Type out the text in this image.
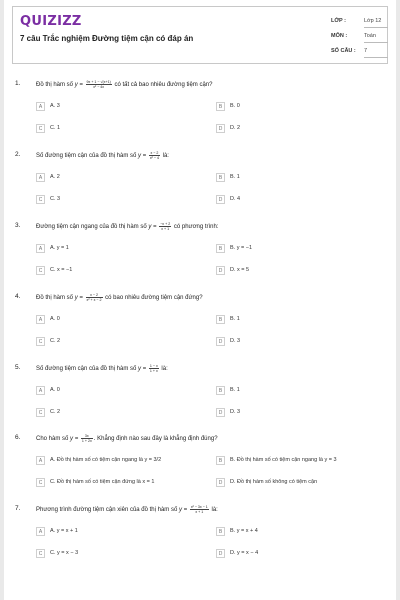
QUIZIZZ
7 câu Trắc nghiệm Đường tiệm cận có đáp án
LỚP :	Lớp 12
MÔN :	Toán
SỐ CÂU : 7
1.	Đồ thị hàm số $y = \frac{9x + 1 - √(x+1)}{\text{x² − 4x}}$ có tất cả bao nhiêu đường tiệm cận?
A	A. 3	B	B. 0
C	C. 1	D	D. 2
2.	Số đường tiệm cận của đồ thị hàm số $y = \frac{x - 2}{\text{x² − 4}}$ là:
A	A. 2	B	B. 1
C	C. 3	D	D. 4
3.	Đường tiệm cận ngang của đồ thị hàm số $y = \frac{-x + 2}{x + 1}$ có phương trình:
A	A. y = 1	B	B. y = −1
C	C. x = −1	D	D. x = 5
4.	Đồ thị hàm số $y = \frac{x - 2}{\text{x² + x − 2}}$ có bao nhiêu đường tiệm cận đứng?
A	A. 0	B	B. 1
C	C. 2	D	D. 3
5.	Số đường tiệm cận của đồ thị hàm số $y = \frac{1 - x}{1 + x}$ là:
A	A. 0	B	B. 1
C	C. 2	D	D. 3
6.	Cho hàm số $y = \frac{3x}{1 + 2x}$ . Khẳng định nào sau đây là khẳng định đúng?
A	A. Đồ thị hàm số có tiệm cận ngang là y = 3/2	B	B. Đồ thị hàm số có tiệm cận ngang là y = 3
C	C. Đồ thị hàm số có tiệm cận đứng là x = 1	D	D. Đồ thị hàm số không có tiệm cận
7.	Phương trình đường tiệm cận xiên của đồ thị hàm số $y = \frac{\text{x² − 3x − 1}}{x + 1}$ là:
A	A. y = x + 1	B	B. y = x + 4
C	C. y = x − 3	D	D. y = x − 4
